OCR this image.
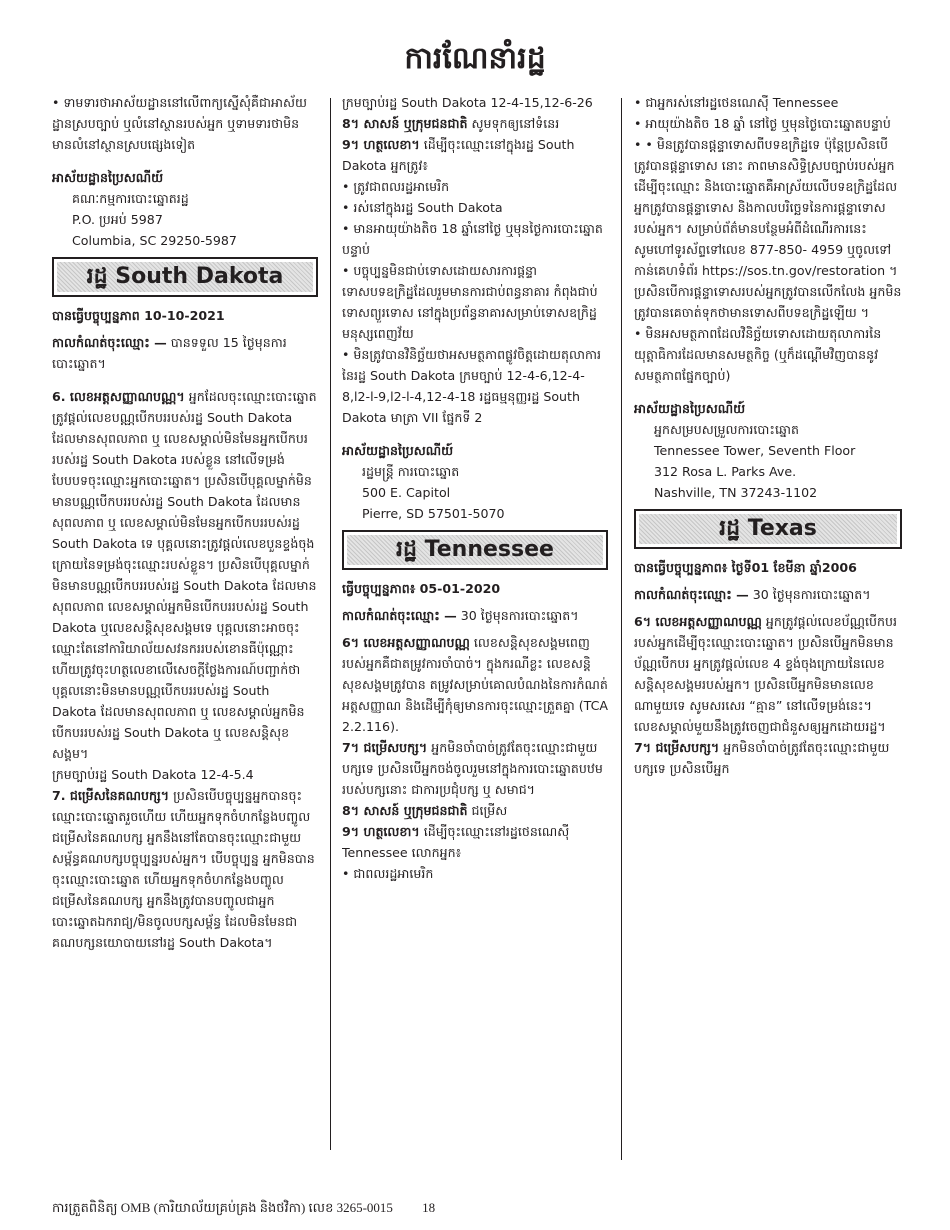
ការណែនាំរដ្ឋ

• ទាមទារថាអាស័យដ្ឋាននៅលើពាក្យស្នើសុំគឺជាអាស័យដ្ឋានស្របច្បាប់ ឬលំនៅស្ថានរបស់អ្នក ឬទាមទារថាមិនមានលំនៅស្ថានស្របផ្សេងទៀត

អាស័យដ្ឋានប្រៃសណីយ៍

គណៈកម្មការបោះឆ្នោតរដ្ឋ

P.O. ប្រអប់ 5987

Columbia, SC 29250-5987

រដ្ឋ South Dakota

បានធ្វើបច្ចុប្បន្នភាព 10-10-2021

កាលកំណត់ចុះឈ្មោះ — បានទទួល 15 ថ្ងៃមុនការបោះឆ្នោត។

6. លេខអត្តសញ្ញាណបណ្ណ។ អ្នកដែលចុះឈ្មោះបោះឆ្នោតត្រូវផ្តល់លេខបណ្ណបើកបររបស់រដ្ឋ South Dakota ដែលមានសុពលភាព ឬ លេខសម្គាល់មិនមែនអ្នកបើកបររបស់រដ្ឋ South Dakota របស់ខ្លួន នៅលើទម្រង់បែបបទចុះឈ្មោះអ្នកបោះឆ្នោត។ ប្រសិនបើបុគ្គលម្នាក់មិនមានបណ្ណបើកបររបស់រដ្ឋ South Dakota ដែលមានសុពលភាព ឬ លេខសម្គាល់មិនមែនអ្នកបើកបររបស់រដ្ឋ South Dakota ទេ បុគ្គលនោះត្រូវផ្តល់លេខបួនខ្ទង់ចុងក្រោយនៃទម្រង់ចុះឈ្មោះរបស់ខ្លួន។ ប្រសិនបើបុគ្គលម្នាក់មិនមានបណ្ណបើកបររបស់រដ្ឋ South Dakota ដែលមានសុពលភាព លេខសម្គាល់អ្នកមិនបើកបររបស់រដ្ឋ South Dakota ឬលេខសន្តិសុខសង្គមទេ បុគ្គលនោះអាចចុះឈ្មោះតែនៅការិយាល័យសវនកររបស់ខោនធីប៉ុណ្ណោះ ហើយត្រូវចុះហត្ថលេខាលើសេចក្តីថ្លែងការណ៍បញ្ជាក់ថាបុគ្គលនោះមិនមានបណ្ណបើកបររបស់រដ្ឋ South Dakota ដែលមានសុពលភាព ឬ លេខសម្គាល់អ្នកមិនបើកបររបស់រដ្ឋ South Dakota ឬ លេខសន្តិសុខសង្គម។

ក្រមច្បាប់រដ្ឋ South Dakota 12-4-5.4

7. ជម្រើសនៃគណបក្ស។ ប្រសិនបើបច្ចុប្បន្នអ្នកបានចុះឈ្មោះបោះឆ្នោតរួចហើយ ហើយអ្នកទុកចំហកន្លែងបញ្ចូលជម្រើសនៃគណបក្ស អ្នកនឹងនៅតែបានចុះឈ្មោះជាមួយសម្ព័ន្ធគណបក្សបច្ចុប្បន្នរបស់អ្នក។ បើបច្ចុប្បន្ន អ្នកមិនបានចុះឈ្មោះបោះឆ្នោត ហើយអ្នកទុកចំហកន្លែងបញ្ចូលជម្រើសនៃគណបក្ស អ្នកនឹងត្រូវបានបញ្ចូលជាអ្នកបោះឆ្នោតឯករាជ្យ/មិនចូលបក្សសម្ព័ន្ធ ដែលមិនមែនជាគណបក្សនយោបាយនៅរដ្ឋ South Dakota។

ក្រមច្បាប់រដ្ឋ South Dakota 12-4-15,12-6-26

8។ សាសន៍ ឬក្រុមជនជាតិ សូមទុកឲ្យនៅទំនេរ

9។ ហត្ថលេខា។ ដើម្បីចុះឈ្មោះនៅក្នុងរដ្ឋ South Dakota អ្នកត្រូវ៖

• ត្រូវជាពលរដ្ឋអាមេរិក

• រស់នៅក្នុងរដ្ឋ South Dakota

• មានអាយុយ៉ាងតិច 18 ឆ្នាំនៅថ្ងៃ ឬមុនថ្ងៃការបោះឆ្នោតបន្ទាប់

• បច្ចុប្បន្នមិនជាប់ទោសដោយសារការផ្តន្ទាទោសបទឧក្រិដ្ឋដែលរួមមានការជាប់ពន្ធនាគារ កំពុងជាប់ទោសព្យួរទោស នៅក្នុងប្រព័ន្ធនាគារសម្រាប់ទោសឧក្រិដ្ឋមនុស្សពេញវ័យ

• មិនត្រូវបានវិនិច្ឆ័យថាអសមត្ថភាពផ្លូវចិត្តដោយតុលាការនៃរដ្ឋ South Dakota ក្រមច្បាប់ 12-4-6,12-4-8,l2-l-9,l2-l-4,12-4-18 រដ្ឋធម្មនុញ្ញរដ្ឋ South Dakota មាត្រា VII ផ្នែកទី 2

អាស័យដ្ឋានប្រៃសណីយ៍

រដ្ឋមន្ត្រី ការបោះឆ្នោត

500 E. Capitol

Pierre, SD 57501-5070

រដ្ឋ Tennessee

ធ្វើបច្ចុប្បន្នភាព៖ 05-01-2020

កាលកំណត់ចុះឈ្មោះ — 30 ថ្ងៃមុនការបោះឆ្នោត។

6។ លេខអត្តសញ្ញាណបណ្ណ លេខសន្តិសុខសង្គមពេញរបស់អ្នកគឺជាតម្រូវការចាំបាច់។ ក្នុងករណីខ្លះ លេខសន្តិសុខសង្គមត្រូវបាន តម្រូវសម្រាប់គោលបំណងនៃការកំណត់អត្តសញ្ញាណ និងដើម្បីកុំឲ្យមានការចុះឈ្មោះត្រួតគ្នា (TCA 2.2.116).

7។ ជម្រើសបក្ស។ អ្នកមិនចាំបាច់ត្រូវតែចុះឈ្មោះជាមួយបក្សទេ ប្រសិនបើអ្នកចង់ចូលរួមនៅក្នុងការបោះឆ្នោតបឋមរបស់បក្សនោះ ជាការប្រជុំបក្ស ឬ សមាជ។

8។ សាសន៍ ឬក្រុមជនជាតិ ជម្រើស

9។ ហត្ថលេខា។ ដើម្បីចុះឈ្មោះនៅរដ្ឋថេនណេស៊ី Tennessee លោកអ្នក៖

• ជាពលរដ្ឋអាមេរិក

• ជាអ្នករស់នៅរដ្ឋថេនណេស៊ី Tennessee

• អាយុយ៉ាងតិច 18 ឆ្នាំ នៅថ្ងៃ ឬមុនថ្ងៃបោះឆ្នោតបន្ទាប់

• • មិនត្រូវបានផ្តន្ទាទោសពីបទឧក្រិដ្ឋទេ ប៉ុន្តែប្រសិនបើត្រូវបានផ្តន្ទាទោស នោះ ភាពមានសិទ្ធិស្របច្បាប់របស់អ្នកដើម្បីចុះឈ្មោះ និងបោះឆ្នោតគឺអាស្រ័យលើបទឧក្រិដ្ឋដែលអ្នកត្រូវបានផ្តន្ទាទោស និងកាលបរិច្ឆេទនៃការផ្តន្ទាទោសរបស់អ្នក។ សម្រាប់ព័ត៌មានបន្ថែមអំពីដំណើរការនេះ សូមហៅទូរស័ព្ទទៅលេខ 877-850- 4959 ឬចូលទៅកាន់គេហទំព័រ https://sos.tn.gov/restoration ។ ប្រសិនបើការផ្តន្ទាទោសរបស់អ្នកត្រូវបានលើកលែង អ្នកមិនត្រូវបានគេចាត់ទុកថាមានទោសពីបទឧក្រិដ្ឋឡើយ ។

• មិនអសមត្ថភាពដែលវិនិច្ឆ័យទោសដោយតុលាការនៃយុត្តាធិការដែលមានសមត្ថកិច្ច (ឬក៏ដណ្តើមវិញបាននូវសមត្ថភាពផ្នែកច្បាប់)

អាស័យដ្ឋានប្រៃសណីយ៍

អ្នកសម្របសម្រួលការបោះឆ្នោត

Tennessee Tower, Seventh Floor

312 Rosa L. Parks Ave.

Nashville, TN 37243-1102

រដ្ឋ Texas

បានធ្វើបច្ចុប្បន្នភាព៖ ថ្ងៃទី01 ខែមីនា ឆ្នាំ2006

កាលកំណត់ចុះឈ្មោះ — 30 ថ្ងៃមុនការបោះឆ្នោត។

6។ លេខអត្តសញ្ញាណបណ្ណ អ្នកត្រូវផ្តល់លេខប័ណ្ណបើកបររបស់អ្នកដើម្បីចុះឈ្មោះបោះឆ្នោត។ ប្រសិនបើអ្នកមិនមានប័ណ្ណបើកបរ អ្នកត្រូវផ្តល់លេខ 4 ខ្ទង់ចុងក្រោយនៃលេខសន្តិសុខសង្គមរបស់អ្នក។ ប្រសិនបើអ្នកមិនមានលេខណាមួយទេ សូមសរសេរ “គ្មាន” នៅលើទម្រង់នេះ។ លេខសម្គាល់មួយនឹងត្រូវចេញជាជំនួសឲ្យអ្នកដោយរដ្ឋ។

7។ ជម្រើសបក្ស។ អ្នកមិនចាំបាច់ត្រូវតែចុះឈ្មោះជាមួយបក្សទេ ប្រសិនបើអ្នក

ការត្រួតពិនិត្យ OMB (ការិយាល័យគ្រប់គ្រង និងថវិកា) លេខ 3265-0015 18
